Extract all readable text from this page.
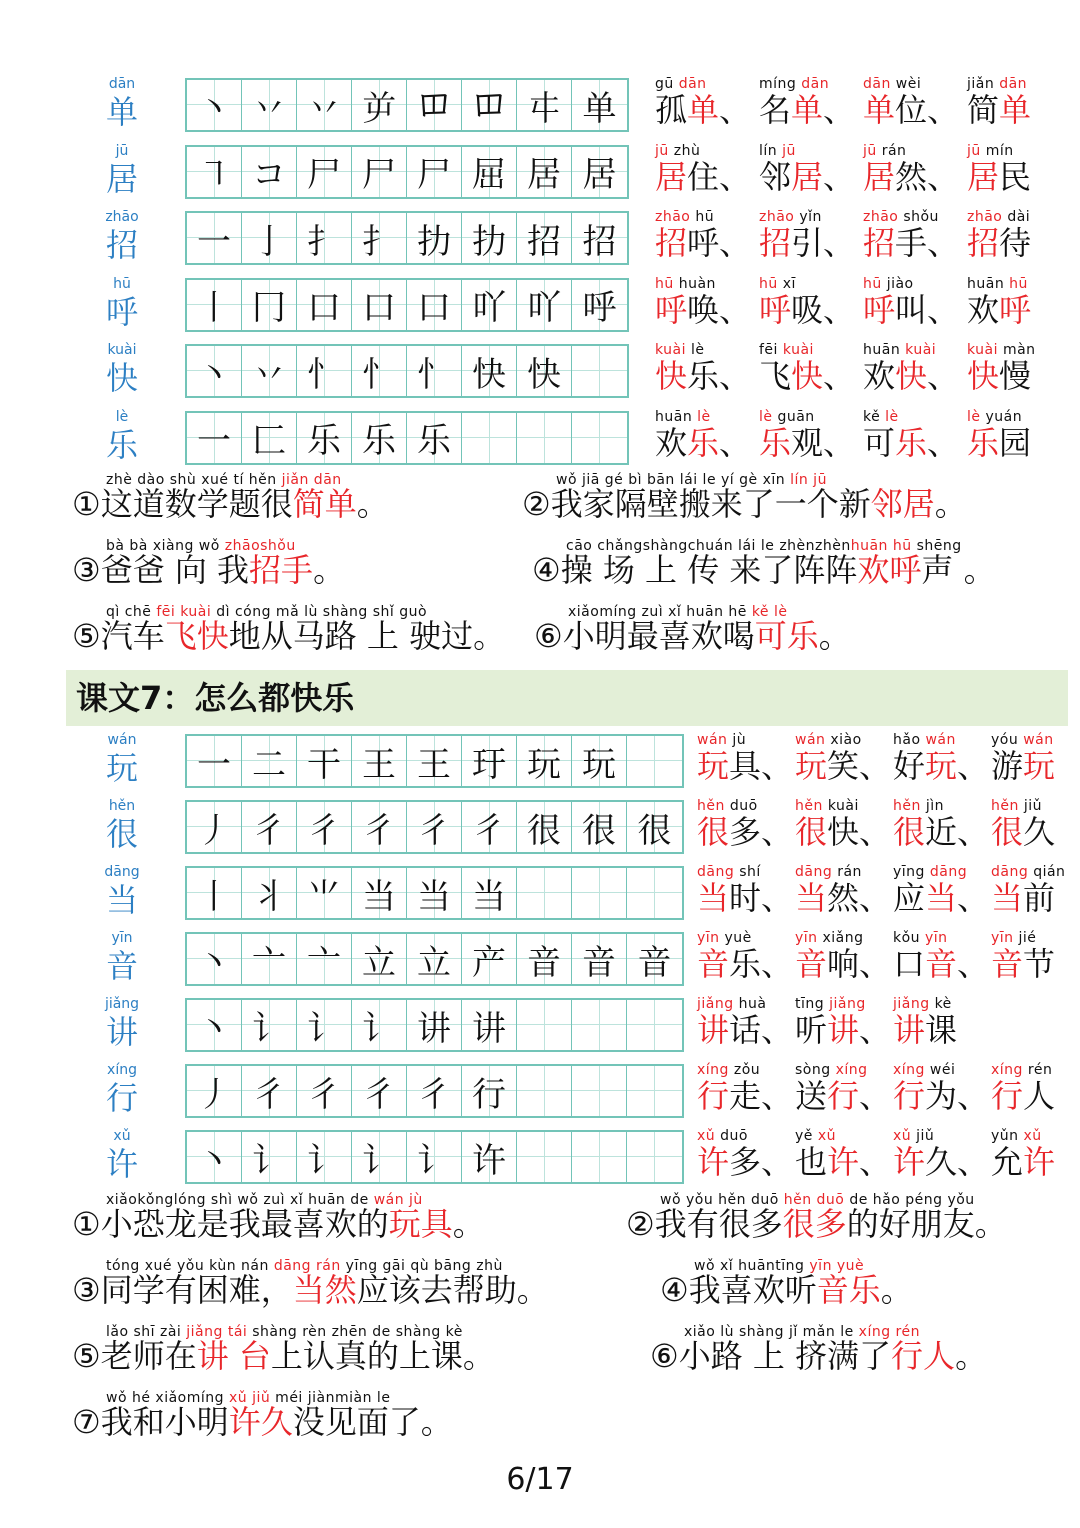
dān
单 丶 丷 丷 屰 𫩏 𫩏 㐄 单
gū dān
孤单、
míng dān
名单、
dān wèi
单位、
jiǎn dān
简单
jū
居 ㇕ コ 尸 尸 尸 屈 居 居
jū zhù
居住、
lín jū
邻居、
jū rán
居然、
jū mín
居民
zhāo
招 一 亅 扌 扌 扐 扐 招 招
zhāo hū
招呼、
zhāo yǐn
招引、
zhāo shǒu
招手、
zhāo dài
招待
hū
呼 丨 冂 口 口 口 吖 吖 呼
hū huàn
呼唤、
hū xī
呼吸、
hū jiào
呼叫、
huān hū
欢呼
kuài
快 丶 丷 忄 忄 忄 快 快
kuài lè
快乐、
fēi kuài
飞快、
huān kuài
欢快、
kuài màn
快慢
lè
乐 一 匚 乐 乐 乐
huān lè
欢乐、
lè guān
乐观、
kě lè
可乐、
lè yuán
乐园
zhè dào shù xué tí hěn jiǎn dān
①这道数学题很简单。
wǒ jiā gé bì bān lái le yí gè xīn lín jū
②我家隔壁搬来了一个新邻居。
bà bà xiàng wǒ zhāoshǒu
③爸爸 向 我招手。
cāo chǎngshàngchuán lái le zhènzhènhuān hū shēng
④操 场 上 传 来了阵阵欢呼声 。
qì chē fēi kuài dì cóng mǎ lù shàng shǐ guò
⑤汽车飞快地从马路 上 驶过。
xiǎomíng zuì xǐ huān hē kě lè
⑥小明最喜欢喝可乐。
课文7：怎么都快乐
wán
玩 一 二 干 王 王 玗 玩 玩
wán jù
玩具、
wán xiào
玩笑、
hǎo wán
好玩、
yóu wán
游玩
hěn
很 丿 彳 彳 彳 彳 彳 很 很 很
hěn duō
很多、
hěn kuài
很快、
hěn jìn
很近、
hěn jiǔ
很久
dāng
当 丨 丬 ⺌ 当 当 当
dāng shí
当时、
dāng rán
当然、
yīng dāng
应当、
dāng qián
当前
yīn
音 丶 亠 亠 立 立 产 音 音 音
yīn yuè
音乐、
yīn xiǎng
音响、
kǒu yīn
口音、
yīn jié
音节
jiǎng
讲 丶 讠 讠 讠 讲 讲
jiǎng huà
讲话、
tīng jiǎng
听讲、
jiǎng kè
讲课
xíng
行 丿 彳 彳 彳 彳 行
xíng zǒu
行走、
sòng xíng
送行、
xíng wéi
行为、
xíng rén
行人
xǔ
许 丶 讠 讠 讠 讠 许
xǔ duō
许多、
yě xǔ
也许、
xǔ jiǔ
许久、
yǔn xǔ
允许
xiǎokǒnglóng shì wǒ zuì xǐ huān de wán jù
①小恐龙是我最喜欢的玩具。
wǒ yǒu hěn duō hěn duō de hǎo péng yǒu
②我有很多很多的好朋友。
tóng xué yǒu kùn nán dāng rán yīng gāi qù bāng zhù
③同学有困难，当然应该去帮助。
wǒ xǐ huāntīng yīn yuè
④我喜欢听音乐。
lǎo shī zài jiǎng tái shàng rèn zhēn de shàng kè
⑤老师在讲 台上认真的上课。
xiǎo lù shàng jǐ mǎn le xíng rén
⑥小路 上 挤满了行人。
wǒ hé xiǎomíng xǔ jiǔ méi jiànmiàn le
⑦我和小明许久没见面了。
6/17
